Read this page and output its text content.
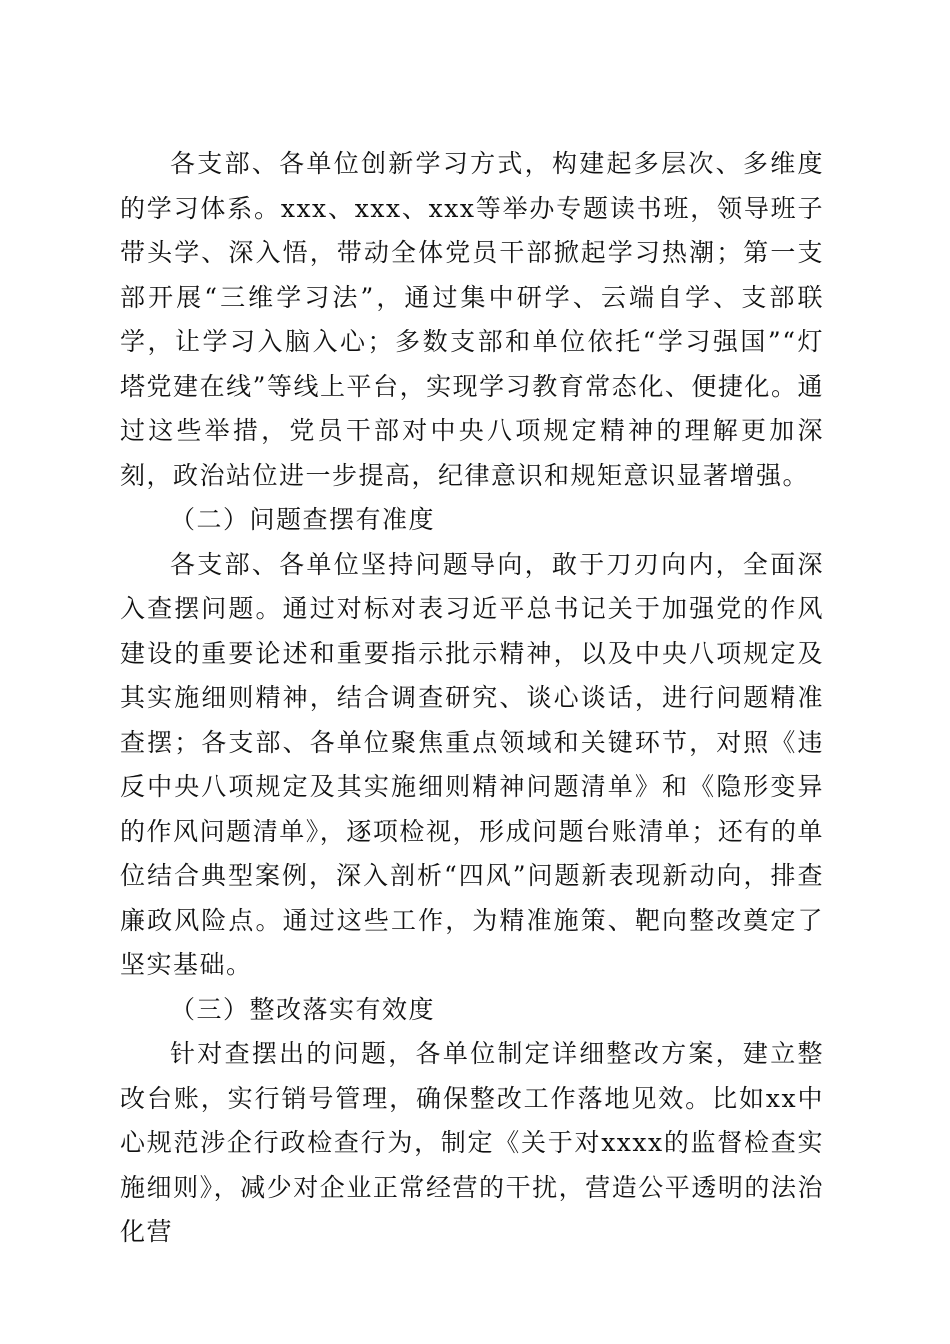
各支部、各单位创新学习方式，构建起多层次、多维度的学习体系。xxx、xxx、xxx等举办专题读书班，领导班子带头学、深入悟，带动全体党员干部掀起学习热潮；第一支部开展“三维学习法”，通过集中研学、云端自学、支部联学，让学习入脑入心；多数支部和单位依托“学习强国”“灯塔党建在线”等线上平台，实现学习教育常态化、便捷化。通过这些举措，党员干部对中央八项规定精神的理解更加深刻，政治站位进一步提高，纪律意识和规矩意识显著增强。

（二）问题查摆有准度

各支部、各单位坚持问题导向，敢于刀刃向内，全面深入查摆问题。通过对标对表习近平总书记关于加强党的作风建设的重要论述和重要指示批示精神，以及中央八项规定及其实施细则精神，结合调查研究、谈心谈话，进行问题精准查摆；各支部、各单位聚焦重点领域和关键环节，对照《违反中央八项规定及其实施细则精神问题清单》和《隐形变异的作风问题清单》，逐项检视，形成问题台账清单；还有的单位结合典型案例，深入剖析“四风”问题新表现新动向，排查廉政风险点。通过这些工作，为精准施策、靶向整改奠定了坚实基础。

（三）整改落实有效度

针对查摆出的问题，各单位制定详细整改方案，建立整改台账，实行销号管理，确保整改工作落地见效。比如xx中心规范涉企行政检查行为，制定《关于对xxxx的监督检查实施细则》，减少对企业正常经营的干扰，营造公平透明的法治化营
